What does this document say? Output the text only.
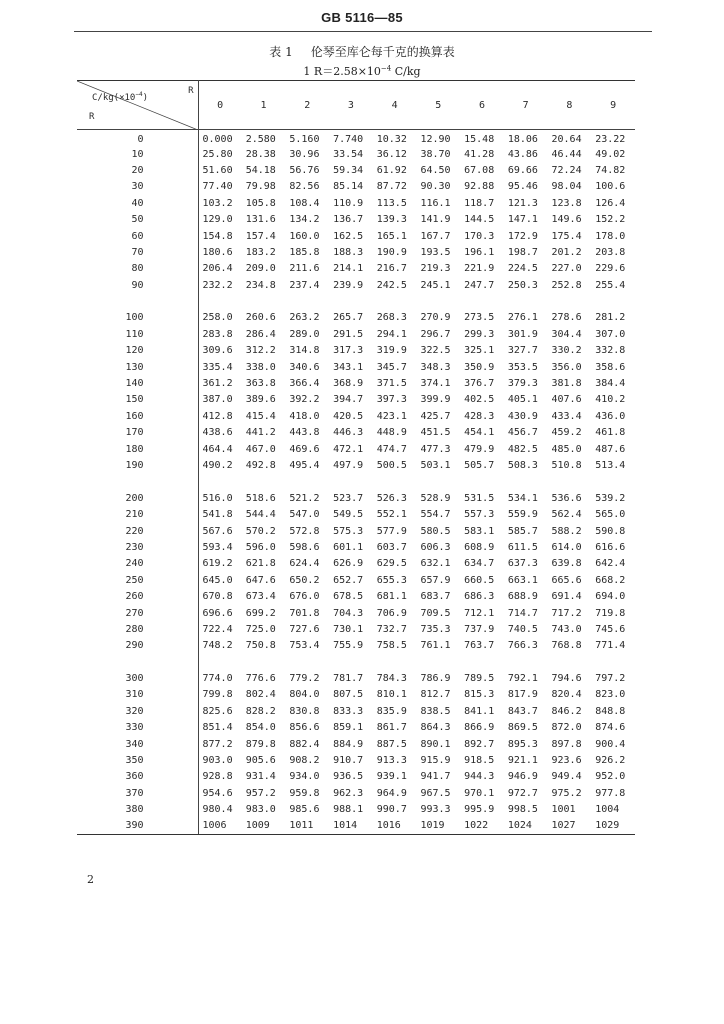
GB 5116—85
表 1 伦琴至库仑每千克的换算表
1 $R=2.58\times 10^{-4}$ C/kg
$C/kg(\times 10^{-4})$
R
R	0	1	2	3	4	5	6	7	8	9
0	0.000	2.580	5.160	7.740	10.32	12.90	15.48	18.06	20.64	23.22
10	25.80	28.38	30.96	33.54	36.12	38.70	41.28	43.86	46.44	49.02
20	51.60	54.18	56.76	59.34	61.92	64.50	67.08	69.66	72.24	74.82
30	77.40	79.98	82.56	85.14	87.72	90.30	92.88	95.46	98.04	100.6
40	103.2	105.8	108.4	110.9	113.5	116.1	118.7	121.3	123.8	126.4
50	129.0	131.6	134.2	136.7	139.3	141.9	144.5	147.1	149.6	152.2
60	154.8	157.4	160.0	162.5	165.1	167.7	170.3	172.9	175.4	178.0
70	180.6	183.2	185.8	188.3	190.9	193.5	196.1	198.7	201.2	203.8
80	206.4	209.0	211.6	214.1	216.7	219.3	221.9	224.5	227.0	229.6
90	232.2	234.8	237.4	239.9	242.5	245.1	247.7	250.3	252.8	255.4

100	258.0	260.6	263.2	265.7	268.3	270.9	273.5	276.1	278.6	281.2
110	283.8	286.4	289.0	291.5	294.1	296.7	299.3	301.9	304.4	307.0
120	309.6	312.2	314.8	317.3	319.9	322.5	325.1	327.7	330.2	332.8
130	335.4	338.0	340.6	343.1	345.7	348.3	350.9	353.5	356.0	358.6
140	361.2	363.8	366.4	368.9	371.5	374.1	376.7	379.3	381.8	384.4
150	387.0	389.6	392.2	394.7	397.3	399.9	402.5	405.1	407.6	410.2
160	412.8	415.4	418.0	420.5	423.1	425.7	428.3	430.9	433.4	436.0
170	438.6	441.2	443.8	446.3	448.9	451.5	454.1	456.7	459.2	461.8
180	464.4	467.0	469.6	472.1	474.7	477.3	479.9	482.5	485.0	487.6
190	490.2	492.8	495.4	497.9	500.5	503.1	505.7	508.3	510.8	513.4

200	516.0	518.6	521.2	523.7	526.3	528.9	531.5	534.1	536.6	539.2
210	541.8	544.4	547.0	549.5	552.1	554.7	557.3	559.9	562.4	565.0
220	567.6	570.2	572.8	575.3	577.9	580.5	583.1	585.7	588.2	590.8
230	593.4	596.0	598.6	601.1	603.7	606.3	608.9	611.5	614.0	616.6
240	619.2	621.8	624.4	626.9	629.5	632.1	634.7	637.3	639.8	642.4
250	645.0	647.6	650.2	652.7	655.3	657.9	660.5	663.1	665.6	668.2
260	670.8	673.4	676.0	678.5	681.1	683.7	686.3	688.9	691.4	694.0
270	696.6	699.2	701.8	704.3	706.9	709.5	712.1	714.7	717.2	719.8
280	722.4	725.0	727.6	730.1	732.7	735.3	737.9	740.5	743.0	745.6
290	748.2	750.8	753.4	755.9	758.5	761.1	763.7	766.3	768.8	771.4

300	774.0	776.6	779.2	781.7	784.3	786.9	789.5	792.1	794.6	797.2
310	799.8	802.4	804.0	807.5	810.1	812.7	815.3	817.9	820.4	823.0
320	825.6	828.2	830.8	833.3	835.9	838.5	841.1	843.7	846.2	848.8
330	851.4	854.0	856.6	859.1	861.7	864.3	866.9	869.5	872.0	874.6
340	877.2	879.8	882.4	884.9	887.5	890.1	892.7	895.3	897.8	900.4
350	903.0	905.6	908.2	910.7	913.3	915.9	918.5	921.1	923.6	926.2
360	928.8	931.4	934.0	936.5	939.1	941.7	944.3	946.9	949.4	952.0
370	954.6	957.2	959.8	962.3	964.9	967.5	970.1	972.7	975.2	977.8
380	980.4	983.0	985.6	988.1	990.7	993.3	995.9	998.5	1001	1004
390	1006	1009	1011	1014	1016	1019	1022	1024	1027	1029
2
